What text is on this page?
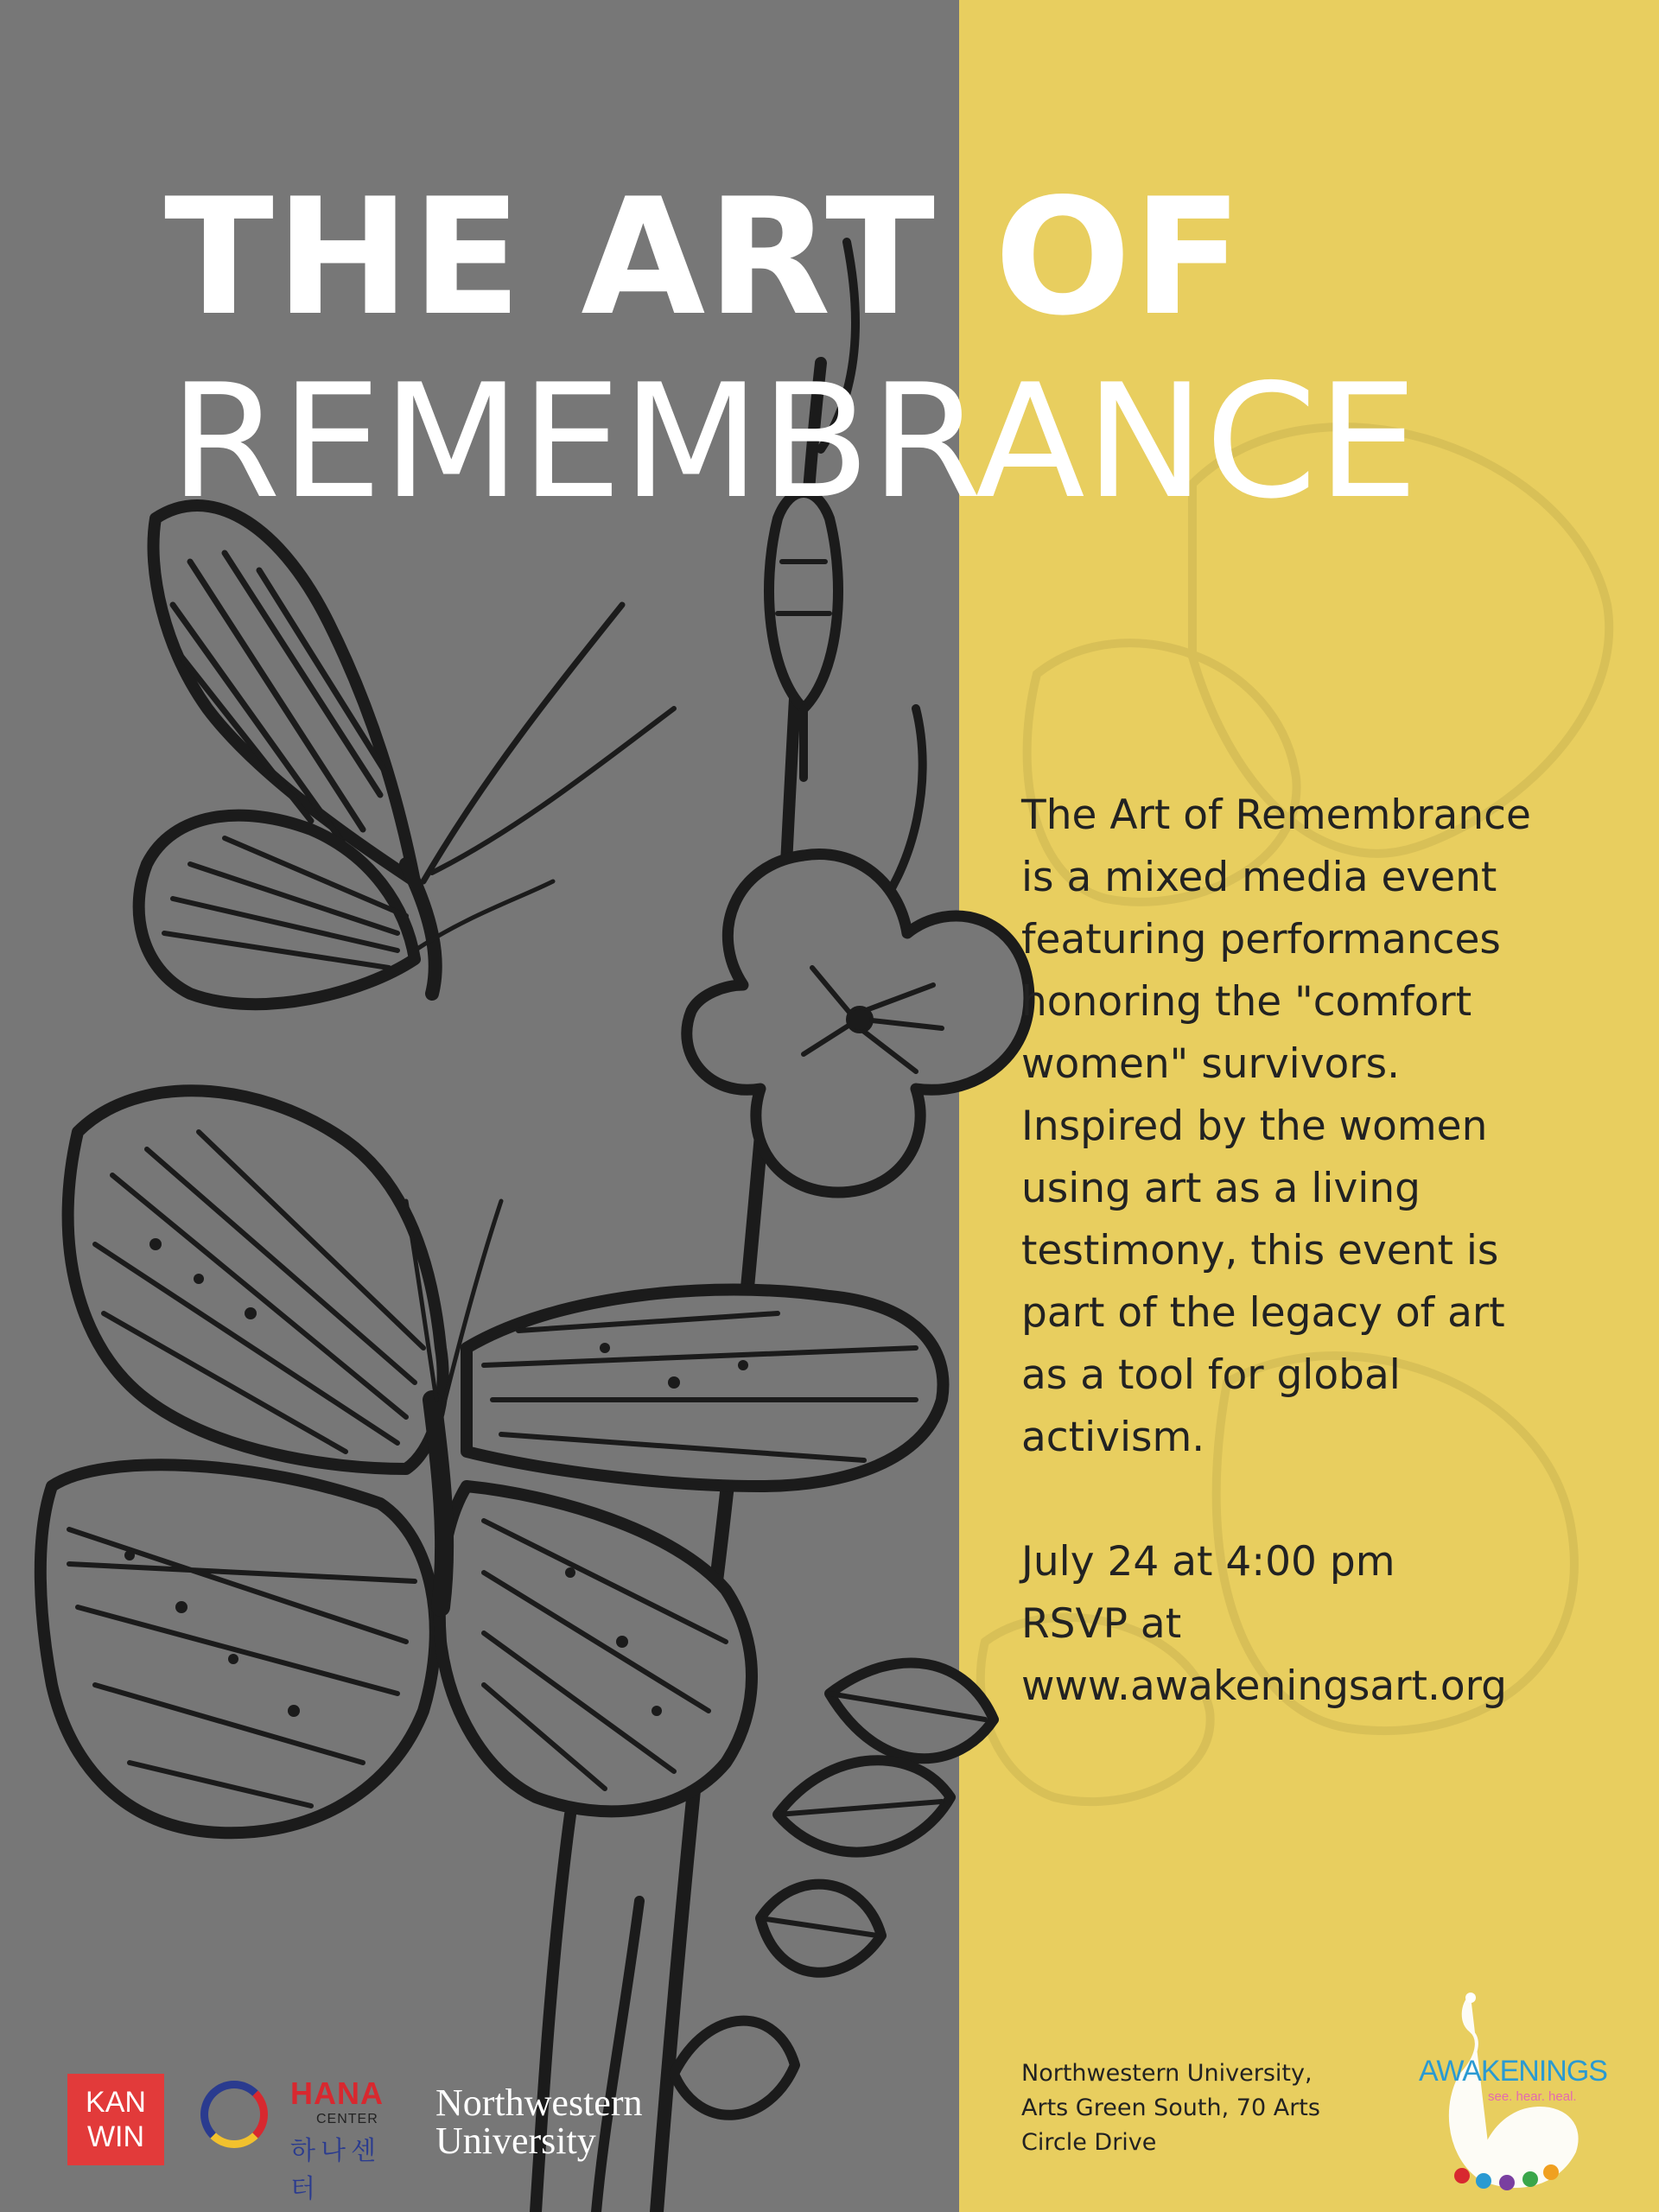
THE ART OF
REMEMBRANCE

The Art of Remembrance

is a mixed media event

featuring performances

honoring the "comfort

women" survivors.

Inspired by the women

using art as a living

testimony, this event is

part of the legacy of art

as a tool for global

activism.

July 24 at 4:00 pm
RSVP at
www.awakeningsart.org
Northwestern University,
Arts Green South, 70 Arts
Circle Drive
KAN
WIN
HANA
CENTER
하나센터
Northwestern
University
AWAKENINGS
see. hear. heal.
